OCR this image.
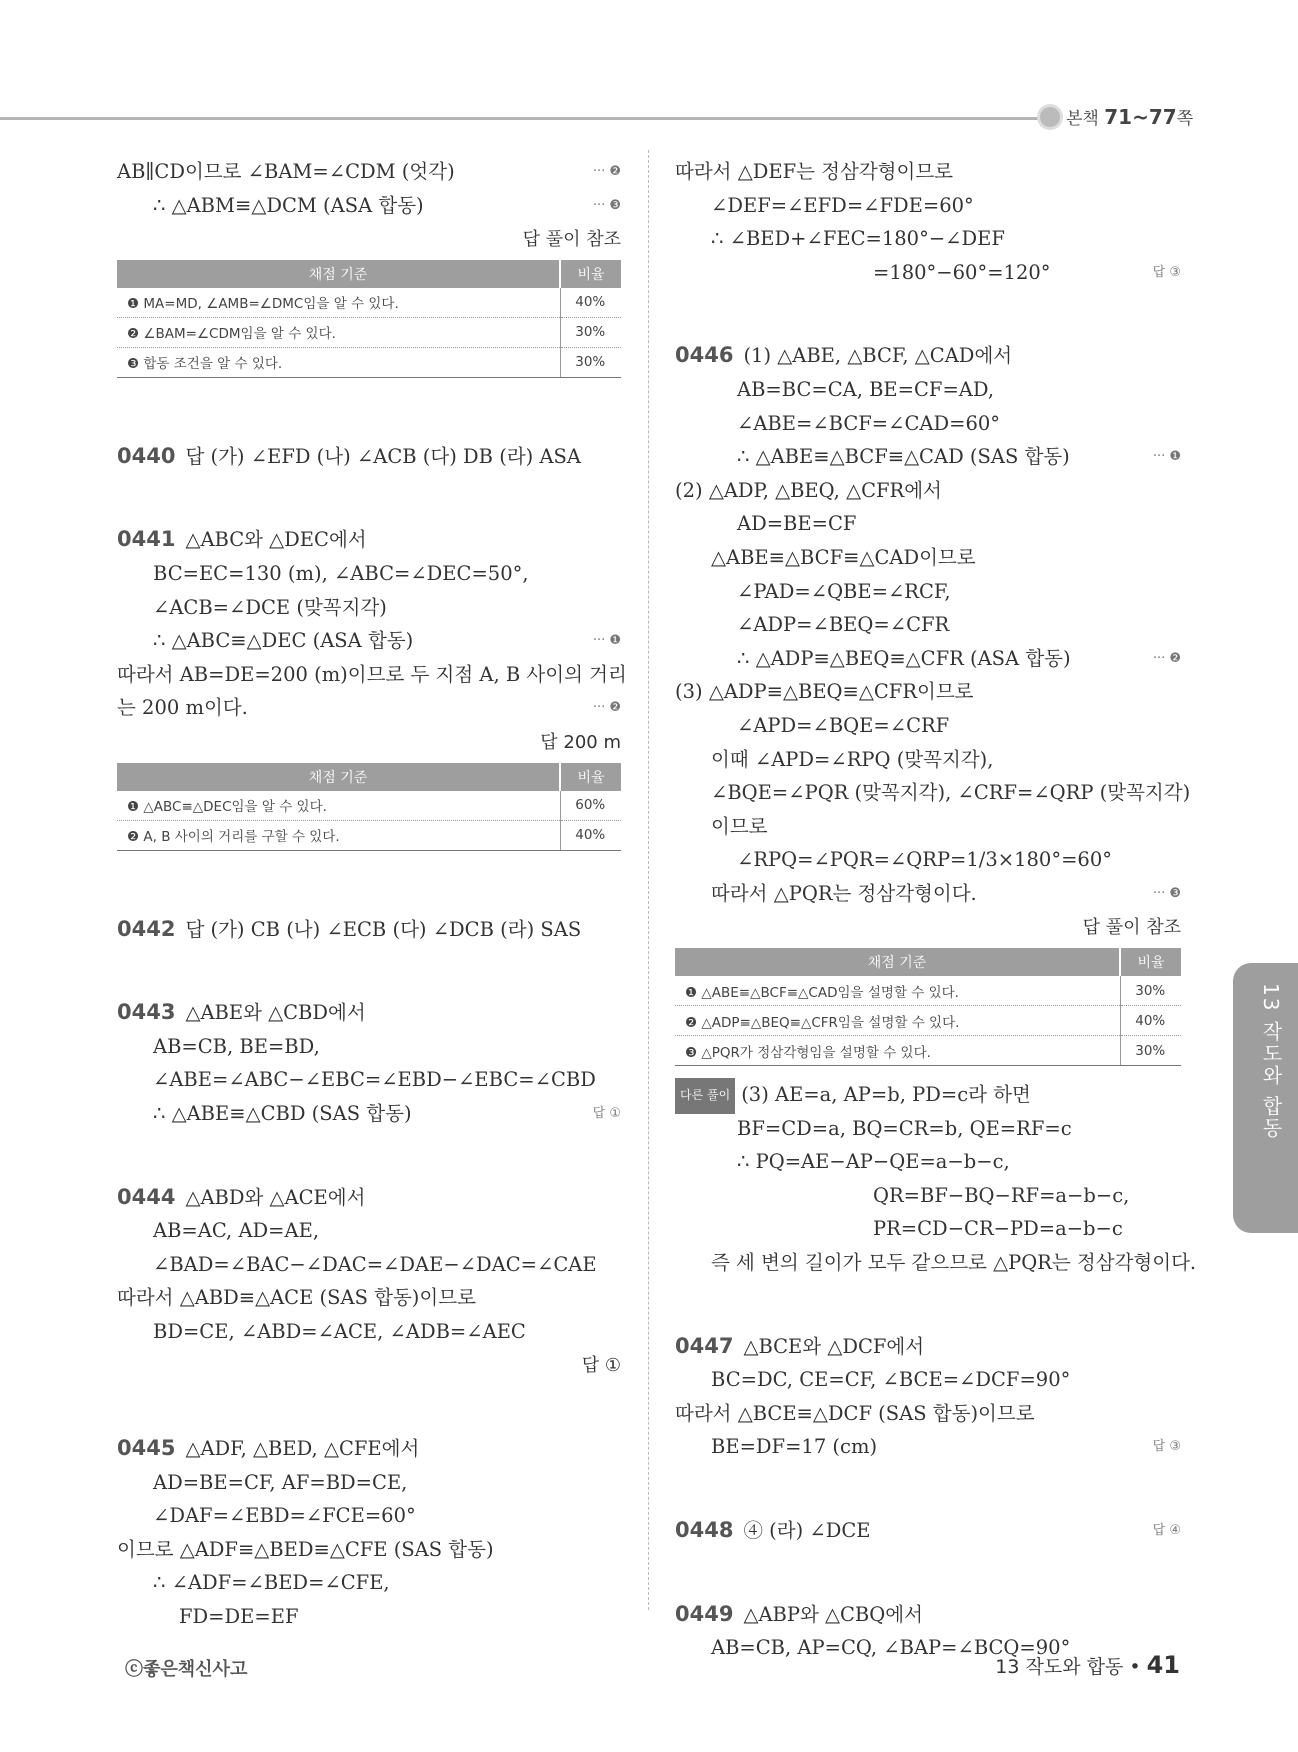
본책 71~77쪽
AB∥CD이므로 ∠BAM=∠CDM (엇각)	··· ❷
∴ △ABM≡△DCM (ASA 합동)	··· ❸
답 풀이 참조
채점 기준	비율
❶ MA=MD, ∠AMB=∠DMC임을 알 수 있다.	40%
❷ ∠BAM=∠CDM임을 알 수 있다.	30%
❸ 합동 조건을 알 수 있다.	30%
0440 답 (가) ∠EFD (나) ∠ACB (다) DB (라) ASA
0441 △ABC와 △DEC에서
BC=EC=130 (m), ∠ABC=∠DEC=50°,
∠ACB=∠DCE (맞꼭지각)
∴ △ABC≡△DEC (ASA 합동)	··· ❶
따라서 AB=DE=200 (m)이므로 두 지점 A, B 사이의 거리
는 200 m이다.	··· ❷
답 200 m
채점 기준	비율
❶ △ABC≡△DEC임을 알 수 있다.	60%
❷ A, B 사이의 거리를 구할 수 있다.	40%
0442 답 (가) CB (나) ∠ECB (다) ∠DCB (라) SAS
0443 △ABE와 △CBD에서
AB=CB, BE=BD,
∠ABE=∠ABC−∠EBC=∠EBD−∠EBC=∠CBD
∴ △ABE≡△CBD (SAS 합동)	답 ①
0444 △ABD와 △ACE에서
AB=AC, AD=AE,
∠BAD=∠BAC−∠DAC=∠DAE−∠DAC=∠CAE
따라서 △ABD≡△ACE (SAS 합동)이므로
BD=CE, ∠ABD=∠ACE, ∠ADB=∠AEC
답 ①
0445 △ADF, △BED, △CFE에서
AD=BE=CF, AF=BD=CE,
∠DAF=∠EBD=∠FCE=60°
이므로 △ADF≡△BED≡△CFE (SAS 합동)
∴ ∠ADF=∠BED=∠CFE,
FD=DE=EF
따라서 △DEF는 정삼각형이므로
∠DEF=∠EFD=∠FDE=60°
∴ ∠BED+∠FEC=180°−∠DEF
=180°−60°=120°	답 ③
0446 (1) △ABE, △BCF, △CAD에서
AB=BC=CA, BE=CF=AD,
∠ABE=∠BCF=∠CAD=60°
∴ △ABE≡△BCF≡△CAD (SAS 합동)	··· ❶
(2) △ADP, △BEQ, △CFR에서
AD=BE=CF
△ABE≡△BCF≡△CAD이므로
∠PAD=∠QBE=∠RCF,
∠ADP=∠BEQ=∠CFR
∴ △ADP≡△BEQ≡△CFR (ASA 합동)	··· ❷
(3) △ADP≡△BEQ≡△CFR이므로
∠APD=∠BQE=∠CRF
이때 ∠APD=∠RPQ (맞꼭지각),
∠BQE=∠PQR (맞꼭지각), ∠CRF=∠QRP (맞꼭지각)
이므로
∠RPQ=∠PQR=∠QRP=1/3×180°=60°
따라서 △PQR는 정삼각형이다.	··· ❸
답 풀이 참조
채점 기준	비율
❶ △ABE≡△BCF≡△CAD임을 설명할 수 있다.	30%
❷ △ADP≡△BEQ≡△CFR임을 설명할 수 있다.	40%
❸ △PQR가 정삼각형임을 설명할 수 있다.	30%
다른 풀이 (3) AE=a, AP=b, PD=c라 하면
BF=CD=a, BQ=CR=b, QE=RF=c
∴ PQ=AE−AP−QE=a−b−c,
QR=BF−BQ−RF=a−b−c,
PR=CD−CR−PD=a−b−c
즉 세 변의 길이가 모두 같으므로 △PQR는 정삼각형이다.
0447 △BCE와 △DCF에서
BC=DC, CE=CF, ∠BCE=∠DCF=90°
따라서 △BCE≡△DCF (SAS 합동)이므로
BE=DF=17 (cm)	답 ③
0448 ④ (라) ∠DCE	답 ④
0449 △ABP와 △CBQ에서
AB=CB, AP=CQ, ∠BAP=∠BCQ=90°
13 작도와 합동
ⓒ좋은책신사고	13 작도와 합동 • 41
